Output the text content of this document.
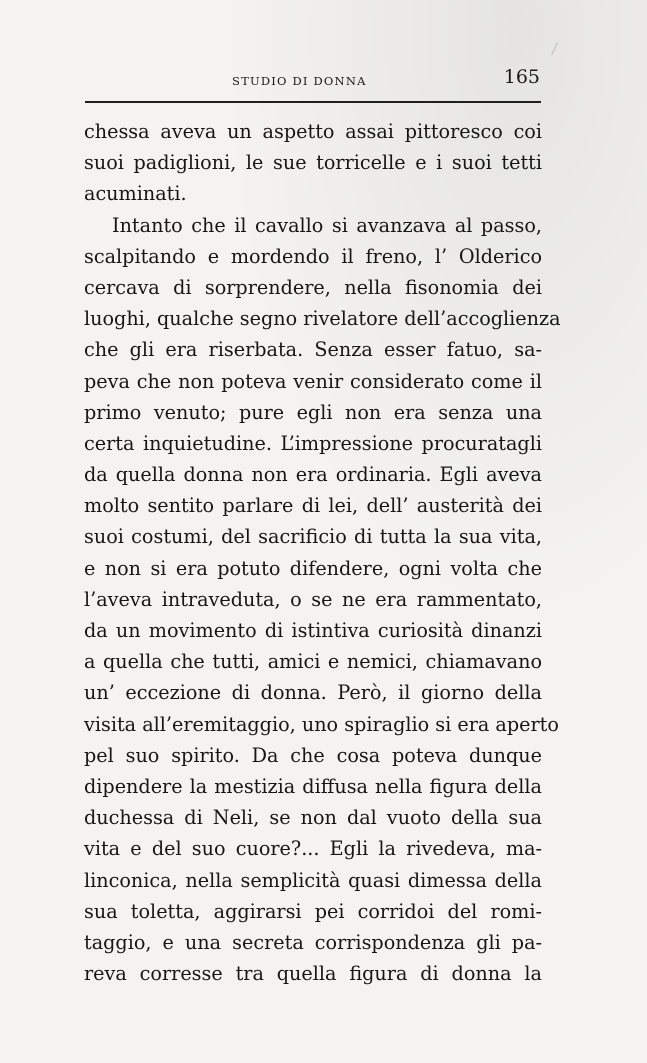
STUDIO DI DONNA	165
chessa aveva un aspetto assai pittoresco coi
suoi padiglioni, le sue torricelle e i suoi tetti
acuminati.
Intanto che il cavallo si avanzava al passo,
scalpitando e mordendo il freno, l’ Olderico
cercava di sorprendere, nella fisonomia dei
luoghi, qualche segno rivelatore dell’accoglienza
che gli era riserbata. Senza esser fatuo, sa-
peva che non poteva venir considerato come il
primo venuto; pure egli non era senza una
certa inquietudine. L’impressione procuratagli
da quella donna non era ordinaria. Egli aveva
molto sentito parlare di lei, dell’ austerità dei
suoi costumi, del sacrificio di tutta la sua vita,
e non si era potuto difendere, ogni volta che
l’aveva intraveduta, o se ne era rammentato,
da un movimento di istintiva curiosità dinanzi
a quella che tutti, amici e nemici, chiamavano
un’ eccezione di donna. Però, il giorno della
visita all’eremitaggio, uno spiraglio si era aperto
pel suo spirito. Da che cosa poteva dunque
dipendere la mestizia diffusa nella figura della
duchessa di Neli, se non dal vuoto della sua
vita e del suo cuore?... Egli la rivedeva, ma-
linconica, nella semplicità quasi dimessa della
sua toletta, aggirarsi pei corridoi del romi-
taggio, e una secreta corrispondenza gli pa-
reva corresse tra quella figura di donna la
